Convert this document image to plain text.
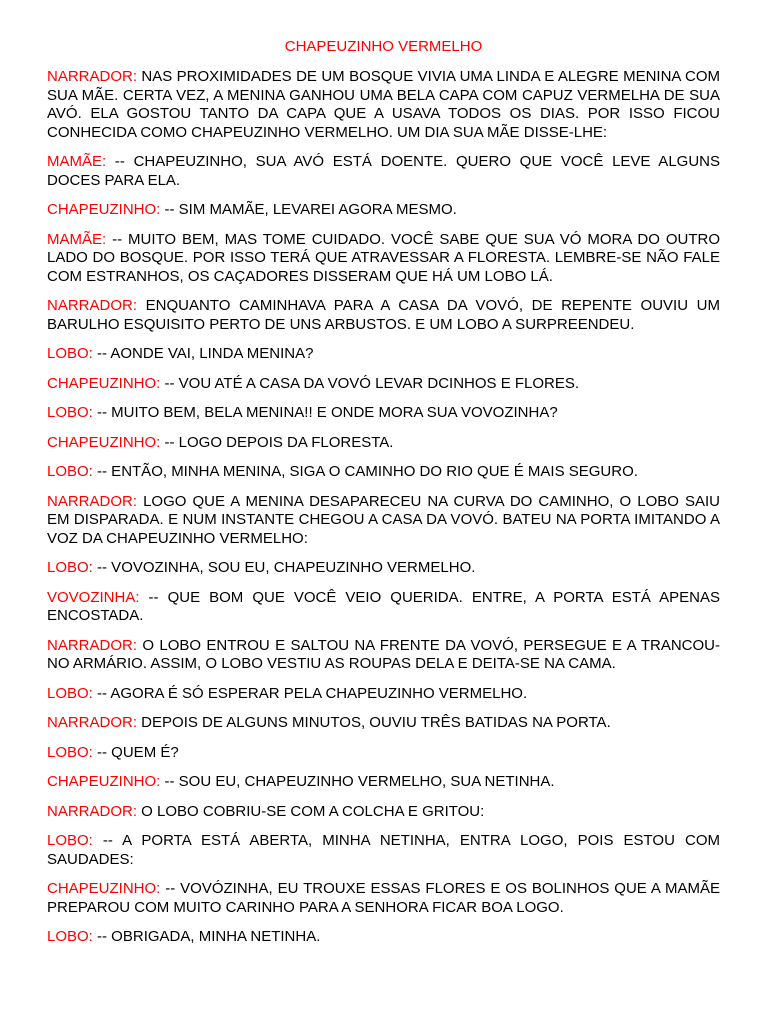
CHAPEUZINHO VERMELHO

NARRADOR: NAS PROXIMIDADES DE UM BOSQUE VIVIA UMA LINDA E ALEGRE MENINA COM SUA MÃE. CERTA VEZ, A MENINA GANHOU UMA BELA CAPA COM CAPUZ VERMELHA DE SUA AVÓ. ELA GOSTOU TANTO DA CAPA QUE A USAVA TODOS OS DIAS. POR ISSO FICOU CONHECIDA COMO CHAPEUZINHO VERMELHO. UM DIA SUA MÃE DISSE-LHE:

MAMÃE: -- CHAPEUZINHO, SUA AVÓ ESTÁ DOENTE. QUERO QUE VOCÊ LEVE ALGUNS DOCES PARA ELA.

CHAPEUZINHO: -- SIM MAMÃE, LEVAREI AGORA MESMO.

MAMÃE: -- MUITO BEM, MAS TOME CUIDADO. VOCÊ SABE QUE SUA VÓ MORA DO OUTRO LADO DO BOSQUE. POR ISSO TERÁ QUE ATRAVESSAR A FLORESTA. LEMBRE-SE NÃO FALE COM ESTRANHOS, OS CAÇADORES DISSERAM QUE HÁ UM LOBO LÁ.

NARRADOR: ENQUANTO CAMINHAVA PARA A CASA DA VOVÓ, DE REPENTE OUVIU UM BARULHO ESQUISITO PERTO DE UNS ARBUSTOS. E UM LOBO A SURPREENDEU.

LOBO: -- AONDE VAI, LINDA MENINA?

CHAPEUZINHO: -- VOU ATÉ A CASA DA VOVÓ LEVAR DCINHOS E FLORES.

LOBO: -- MUITO BEM, BELA MENINA!! E ONDE MORA SUA VOVOZINHA?

CHAPEUZINHO: -- LOGO DEPOIS DA FLORESTA.

LOBO: -- ENTÃO, MINHA MENINA, SIGA O CAMINHO DO RIO QUE É MAIS SEGURO.

NARRADOR: LOGO QUE A MENINA DESAPARECEU NA CURVA DO CAMINHO, O LOBO SAIU EM DISPARADA. E NUM INSTANTE CHEGOU A CASA DA VOVÓ. BATEU NA PORTA IMITANDO A VOZ DA CHAPEUZINHO VERMELHO:

LOBO: -- VOVOZINHA, SOU EU, CHAPEUZINHO VERMELHO.

VOVOZINHA: -- QUE BOM QUE VOCÊ VEIO QUERIDA. ENTRE, A PORTA ESTÁ APENAS ENCOSTADA.

NARRADOR: O LOBO ENTROU E SALTOU NA FRENTE DA VOVÓ, PERSEGUE E A TRANCOU-NO ARMÁRIO. ASSIM, O LOBO VESTIU AS ROUPAS DELA E DEITA-SE NA CAMA.

LOBO: -- AGORA É SÓ ESPERAR PELA CHAPEUZINHO VERMELHO.

NARRADOR: DEPOIS DE ALGUNS MINUTOS, OUVIU TRÊS BATIDAS NA PORTA.

LOBO: -- QUEM É?

CHAPEUZINHO: -- SOU EU, CHAPEUZINHO VERMELHO, SUA NETINHA.

NARRADOR: O LOBO COBRIU-SE COM A COLCHA E GRITOU:

LOBO: -- A PORTA ESTÁ ABERTA, MINHA NETINHA, ENTRA LOGO, POIS ESTOU COM SAUDADES:

CHAPEUZINHO: -- VOVÓZINHA, EU TROUXE ESSAS FLORES E OS BOLINHOS QUE A MAMÃE PREPAROU COM MUITO CARINHO PARA A SENHORA FICAR BOA LOGO.

LOBO: -- OBRIGADA, MINHA NETINHA.
